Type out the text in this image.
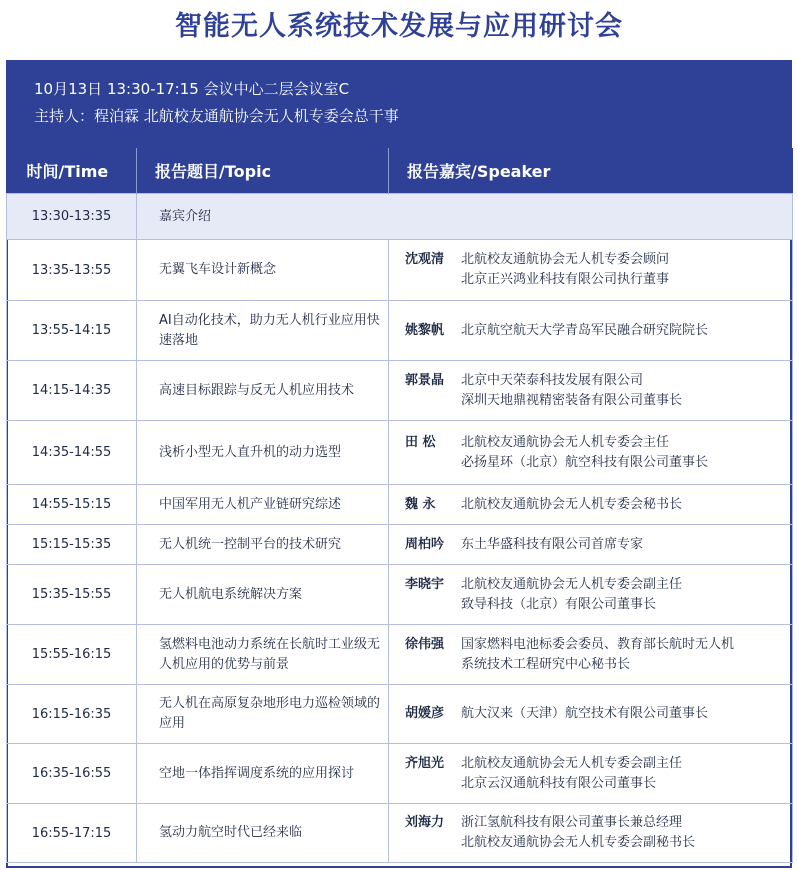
智能无人系统技术发展与应用研讨会
10月13日 13:30-17:15 会议中心二层会议室C
主持人：程泊霖 北航校友通航协会无人机专委会总干事
时间/Time	报告题目/Topic	报告嘉宾/Speaker
13:30-13:35	嘉宾介绍	
13:35-13:55	无翼飞车设计新概念	沈观清 北航校友通航协会无人机专委会顾问
北京正兴鸿业科技有限公司执行董事

13:55-14:15	AI自动化技术，助力无人机行业应用快速落地	姚黎帆 北京航空航天大学青岛军民融合研究院院长

14:15-14:35	高速目标跟踪与反无人机应用技术	郭景晶 北京中天荣泰科技发展有限公司
深圳天地鼎视精密装备有限公司董事长

14:35-14:55	浅析小型无人直升机的动力选型	田 松 北航校友通航协会无人机专委会主任
必扬星环（北京）航空科技有限公司董事长

14:55-15:15	中国军用无人机产业链研究综述	魏 永 北航校友通航协会无人机专委会秘书长

15:15-15:35	无人机统一控制平台的技术研究	周柏吟 东土华盛科技有限公司首席专家

15:35-15:55	无人机航电系统解决方案	李晓宇 北航校友通航协会无人机专委会副主任
致导科技（北京）有限公司董事长

15:55-16:15	氢燃料电池动力系统在长航时工业级无人机应用的优势与前景	徐伟强 国家燃料电池标委会委员、教育部长航时无人机
系统技术工程研究中心秘书长

16:15-16:35	无人机在高原复杂地形电力巡检领域的应用	胡媛彦 航大汉来（天津）航空技术有限公司董事长

16:35-16:55	空地一体指挥调度系统的应用探讨	齐旭光 北航校友通航协会无人机专委会副主任
北京云汉通航科技有限公司董事长

16:55-17:15	氢动力航空时代已经来临	刘海力 浙江氢航科技有限公司董事长兼总经理
北航校友通航协会无人机专委会副秘书长
